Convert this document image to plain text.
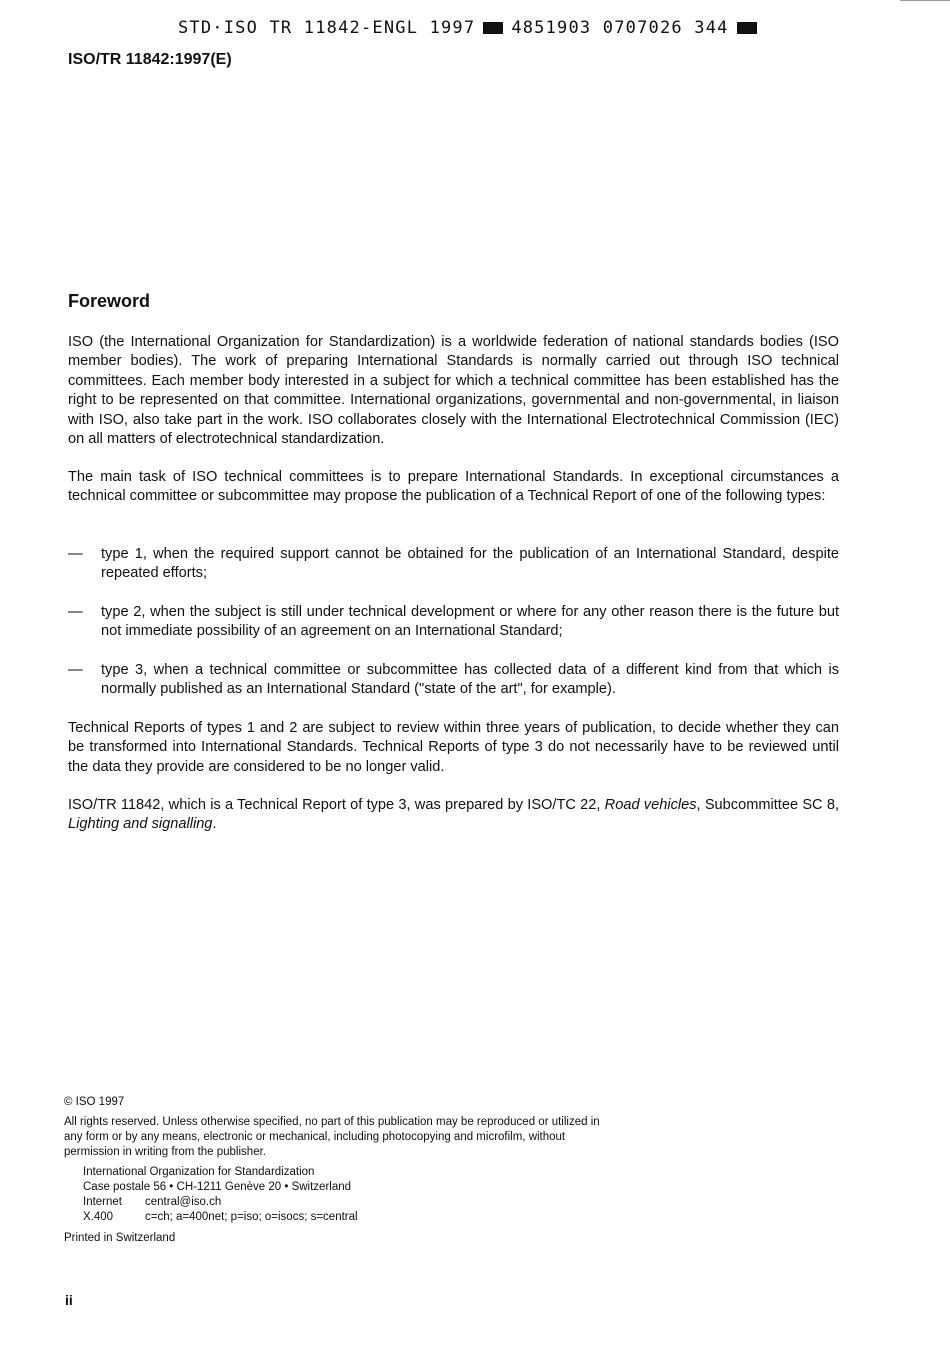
STD·ISO TR 11842-ENGL 1997 4851903 0707026 344
ISO/TR 11842:1997(E)
Foreword

ISO (the International Organization for Standardization) is a worldwide federation of national standards bodies (ISO member bodies). The work of preparing International Standards is normally carried out through ISO technical committees. Each member body interested in a subject for which a technical committee has been established has the right to be represented on that committee. International organizations, governmental and non-governmental, in liaison with ISO, also take part in the work. ISO collaborates closely with the International Electrotechnical Commission (IEC) on all matters of electrotechnical standardization.

The main task of ISO technical committees is to prepare International Standards. In exceptional circumstances a technical committee or subcommittee may propose the publication of a Technical Report of one of the following types:

—	type 1, when the required support cannot be obtained for the publication of an International Standard, despite repeated efforts;

—	type 2, when the subject is still under technical development or where for any other reason there is the future but not immediate possibility of an agreement on an International Standard;

—	type 3, when a technical committee or subcommittee has collected data of a different kind from that which is normally published as an International Standard ("state of the art", for example).

Technical Reports of types 1 and 2 are subject to review within three years of publication, to decide whether they can be transformed into International Standards. Technical Reports of type 3 do not necessarily have to be reviewed until the data they provide are considered to be no longer valid.

ISO/TR 11842, which is a Technical Report of type 3, was prepared by ISO/TC 22, Road vehicles, Subcommittee SC 8, Lighting and signalling.

© ISO 1997
All rights reserved. Unless otherwise specified, no part of this publication may be reproduced or utilized in any form or by any means, electronic or mechanical, including photocopying and microfilm, without permission in writing from the publisher.
International Organization for Standardization
Case postale 56 • CH-1211 Genève 20 • Switzerland
Internet	central@iso.ch
X.400	c=ch; a=400net; p=iso; o=isocs; s=central
Printed in Switzerland
ii
